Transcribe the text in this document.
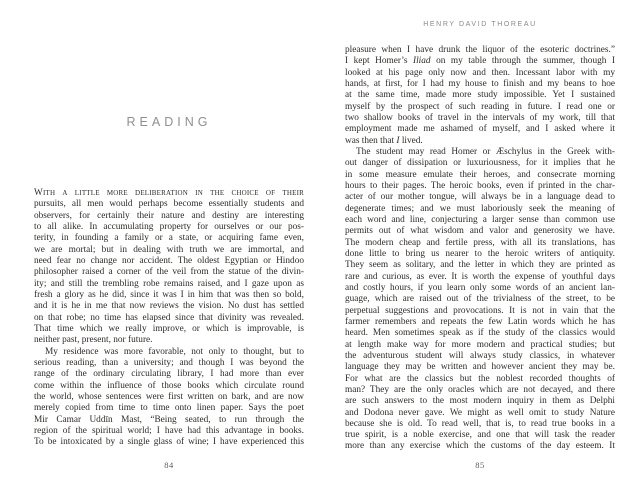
READING
With a little more deliberation in the choice of their
pursuits, all men would perhaps become essentially students and
observers, for certainly their nature and destiny are interesting
to all alike. In accumulating property for ourselves or our pos-
terity, in founding a family or a state, or acquiring fame even,
we are mortal; but in dealing with truth we are immortal, and
need fear no change nor accident. The oldest Egyptian or Hindoo
philosopher raised a corner of the veil from the statue of the divin-
ity; and still the trembling robe remains raised, and I gaze upon as
fresh a glory as he did, since it was I in him that was then so bold,
and it is he in me that now reviews the vision. No dust has settled
on that robe; no time has elapsed since that divinity was revealed.
That time which we really improve, or which is improvable, is
neither past, present, nor future.
My residence was more favorable, not only to thought, but to
serious reading, than a university; and though I was beyond the
range of the ordinary circulating library, I had more than ever
come within the influence of those books which circulate round
the world, whose sentences were first written on bark, and are now
merely copied from time to time onto linen paper. Says the poet
Mir Camar Uddīn Mast, “Being seated, to run through the
region of the spiritual world; I have had this advantage in books.
To be intoxicated by a single glass of wine; I have experienced this
84
HENRY DAVID THOREAU
pleasure when I have drunk the liquor of the esoteric doctrines.”
I kept Homer’s Iliad on my table through the summer, though I
looked at his page only now and then. Incessant labor with my
hands, at first, for I had my house to finish and my beans to hoe
at the same time, made more study impossible. Yet I sustained
myself by the prospect of such reading in future. I read one or
two shallow books of travel in the intervals of my work, till that
employment made me ashamed of myself, and I asked where it
was then that I lived.
The student may read Homer or Æschylus in the Greek with-
out danger of dissipation or luxuriousness, for it implies that he
in some measure emulate their heroes, and consecrate morning
hours to their pages. The heroic books, even if printed in the char-
acter of our mother tongue, will always be in a language dead to
degenerate times; and we must laboriously seek the meaning of
each word and line, conjecturing a larger sense than common use
permits out of what wisdom and valor and generosity we have.
The modern cheap and fertile press, with all its translations, has
done little to bring us nearer to the heroic writers of antiquity.
They seem as solitary, and the letter in which they are printed as
rare and curious, as ever. It is worth the expense of youthful days
and costly hours, if you learn only some words of an ancient lan-
guage, which are raised out of the trivialness of the street, to be
perpetual suggestions and provocations. It is not in vain that the
farmer remembers and repeats the few Latin words which he has
heard. Men sometimes speak as if the study of the classics would
at length make way for more modern and practical studies; but
the adventurous student will always study classics, in whatever
language they may be written and however ancient they may be.
For what are the classics but the noblest recorded thoughts of
man? They are the only oracles which are not decayed, and there
are such answers to the most modern inquiry in them as Delphi
and Dodona never gave. We might as well omit to study Nature
because she is old. To read well, that is, to read true books in a
true spirit, is a noble exercise, and one that will task the reader
more than any exercise which the customs of the day esteem. It
85
